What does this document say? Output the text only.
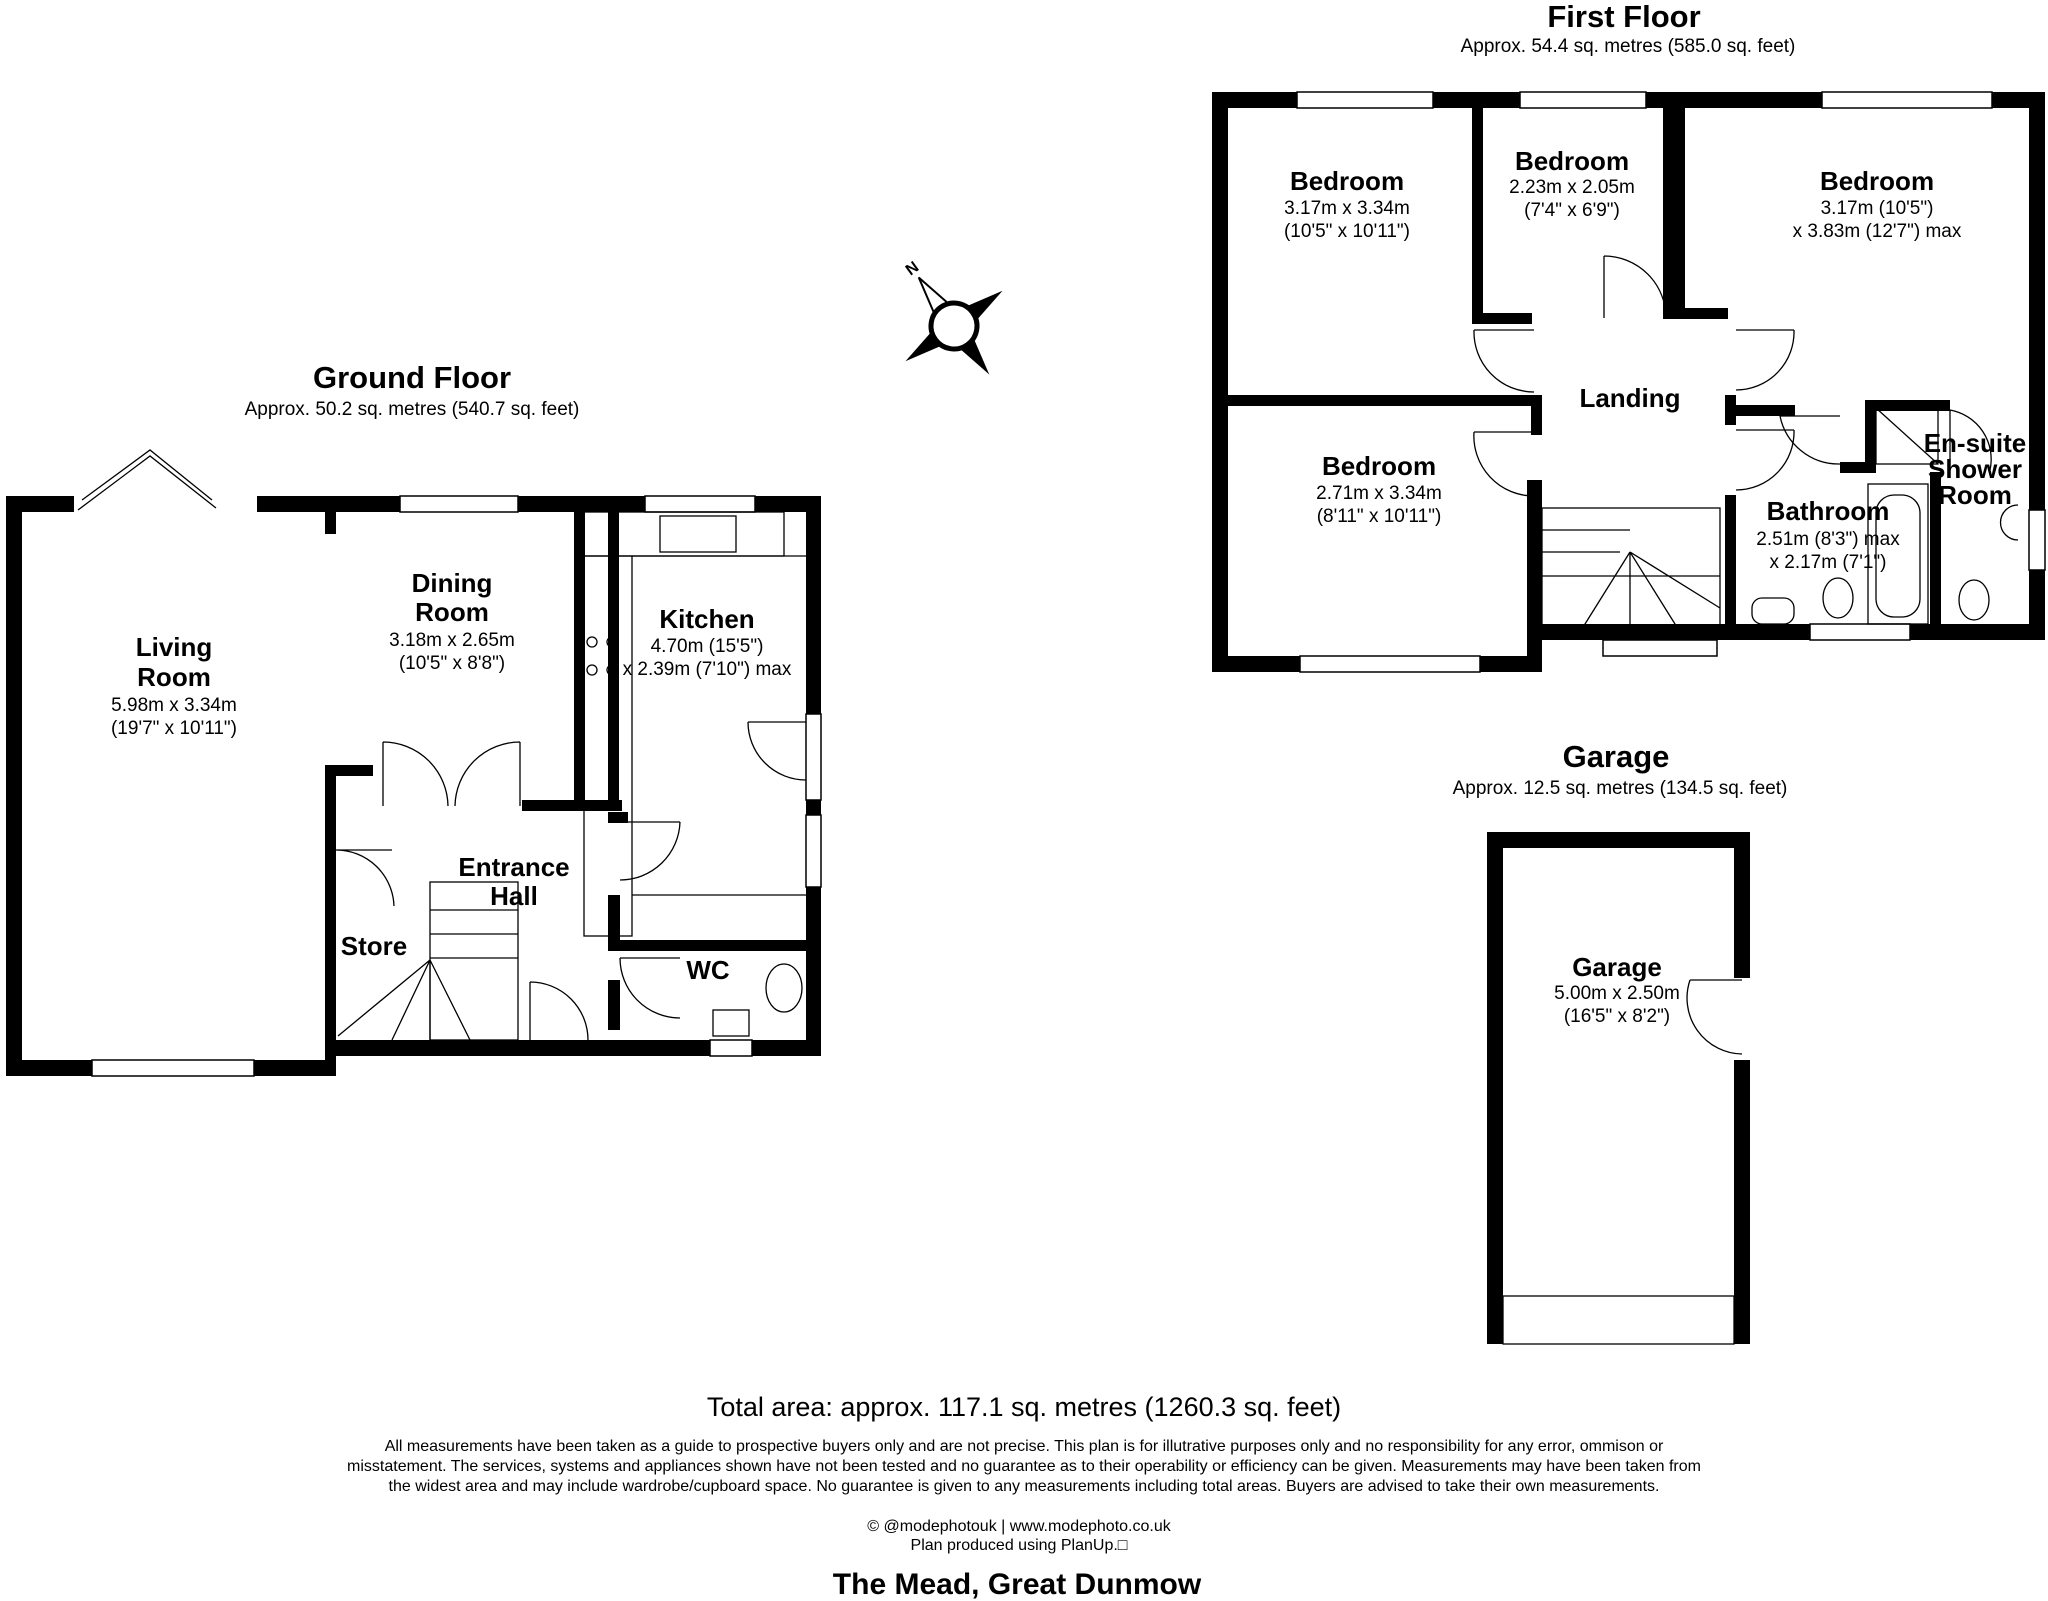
Ground Floor
Approx. 50.2 sq. metres (540.7 sq. feet)
First Floor
Approx. 54.4 sq. metres (585.0 sq. feet)
Garage
Approx. 12.5 sq. metres (134.5 sq. feet)
N
Living
Room
5.98m x 3.34m
(19'7" x 10'11")
Dining
Room
3.18m x 2.65m
(10'5" x 8'8")
Kitchen
4.70m (15'5")
x 2.39m (7'10") max
Entrance
Hall
Store
WC
Bedroom
3.17m x 3.34m
(10'5" x 10'11")
Bedroom
2.23m x 2.05m
(7'4" x 6'9")
Bedroom
3.17m (10'5")
x 3.83m (12'7") max
Bedroom
2.71m x 3.34m
(8'11" x 10'11")
Landing
Bathroom
2.51m (8'3") max
x 2.17m (7'1")
En-suite
Shower
Room
Garage
5.00m x 2.50m
(16'5" x 8'2")
Total area: approx. 117.1 sq. metres (1260.3 sq. feet)
All measurements have been taken as a guide to prospective buyers only and are not precise. This plan is for illutrative purposes only and no responsibility for any error, ommison or
misstatement. The services, systems and appliances shown have not been tested and no guarantee as to their operability or efficiency can be given. Measurements may have been taken from
the widest area and may include wardrobe/cupboard space. No guarantee is given to any measurements including total areas. Buyers are advised to take their own measurements.
© @modephotouk | www.modephoto.co.uk
Plan produced using PlanUp.□
The Mead, Great Dunmow
